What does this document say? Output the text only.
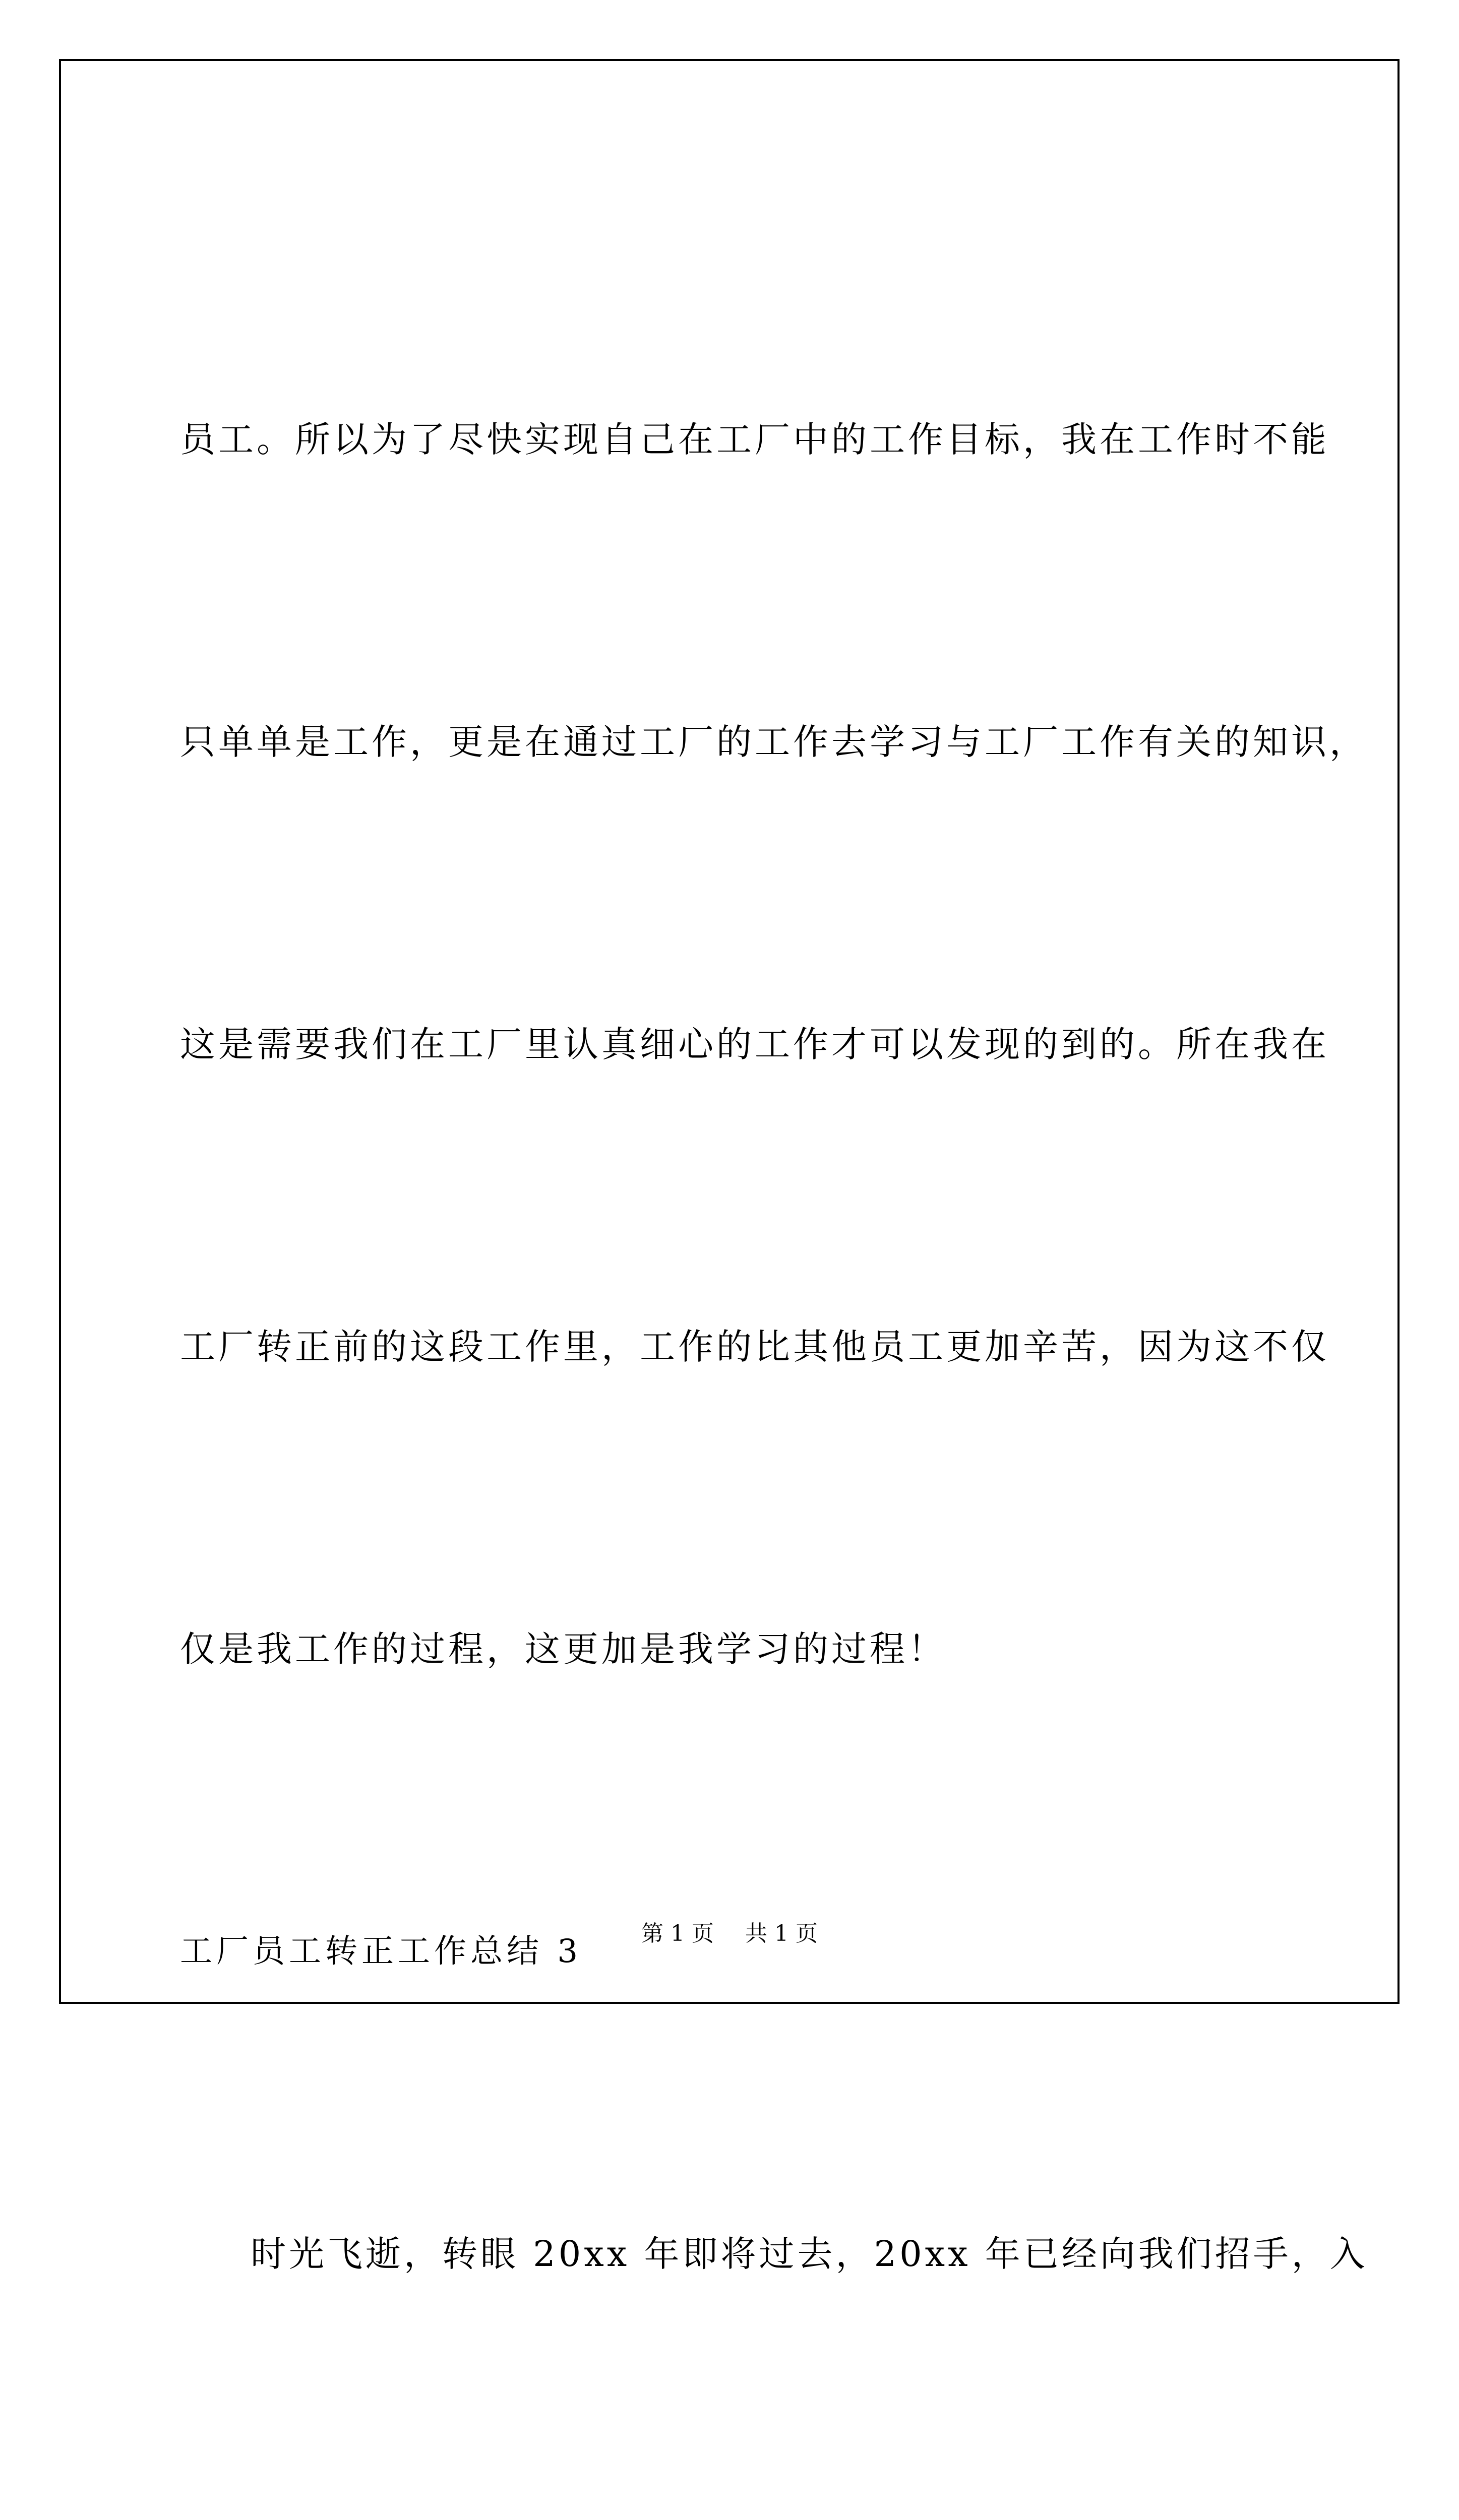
员工。所以为了尽快实现自己在工厂中的工作目标，我在工作时不能

只单单是工作，更是在通过工厂的工作去学习与工厂工作有关的知识，

这是需要我们在工厂里认真细心的工作才可以发现的到的。所在我在

工厂转正前的这段工作里，工作的比其他员工更加辛苦，因为这不仅

仅是我工作的过程，这更加是我学习的过程！

工厂员工转正工作总结 3

时光飞逝，转眼 20xx 年即将过去，20xx 年已经向我们招手，入

第 1 页 共 1 页
